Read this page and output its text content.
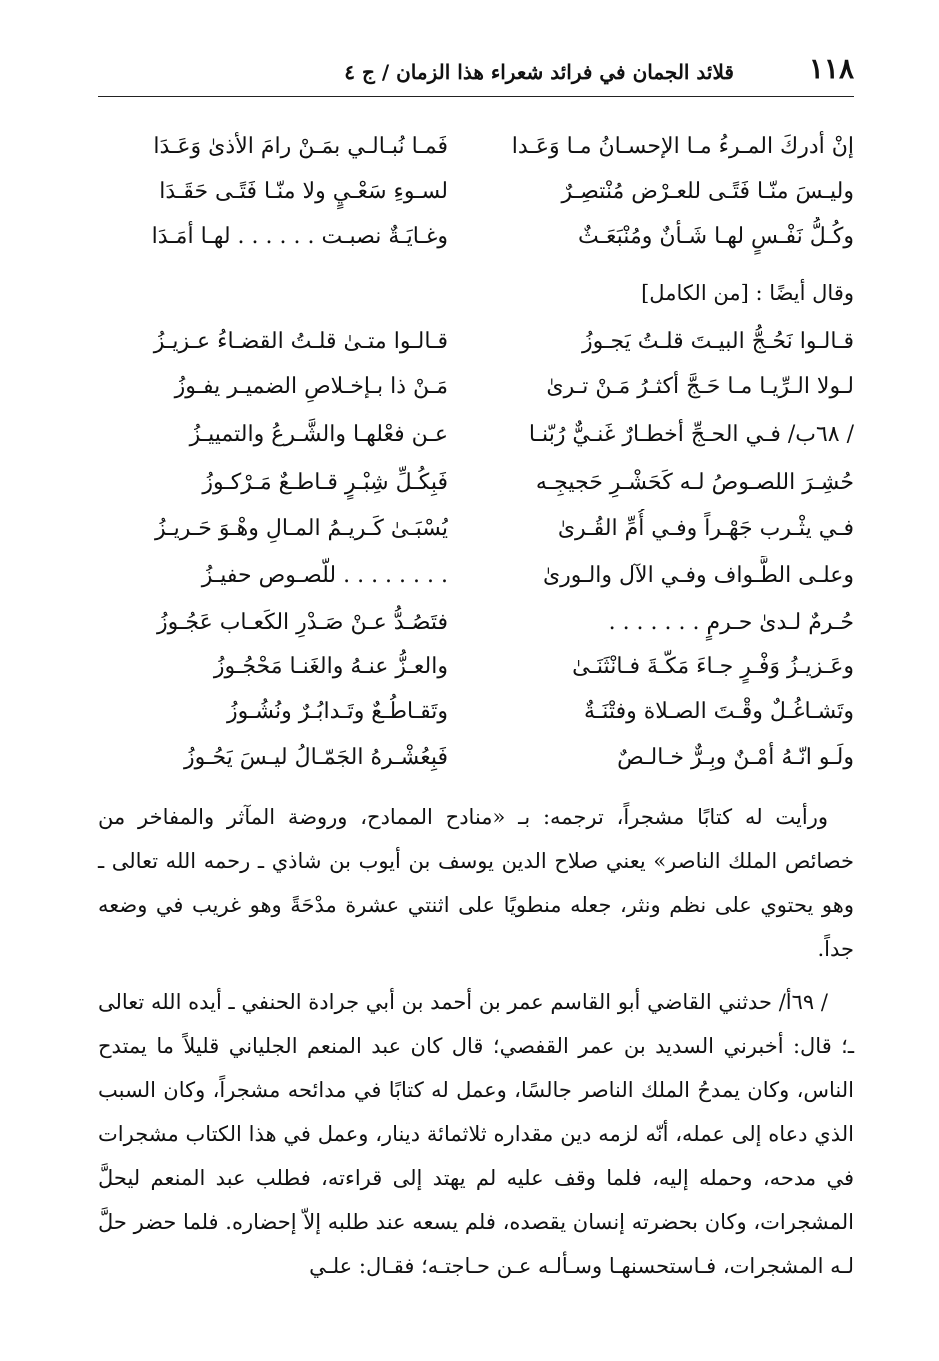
١١٨
قلائد الجمان في فرائد شعراء هذا الزمان / ج ٤
إنْ أدركَ المـرءُ مـا الإحسـانُ مـا وَعَـدا
فَمـا نُبـالـي بمَـنْ رامَ الأذىٰ وَعَـدَا
وليـسَ منّـا فَتًـى للعـرْض مُنْتصِـرٌ
لسـوءِ سَعْـيٍ ولا منّـا فَتًـى حَقَـدَا
وكُـلُّ نَفْـسٍ لهـا شَـأنٌ ومُنْبَعَـثٌ
وغـايَـةٌ نصبـت . . . . . . لهـا أمَـدَا
وقال أيضًا : [من الكامل]
قـالـوا نَحُـجُّ البيـتَ قلـتُ يَجـوزُ
قـالـوا متـىٰ قلـتُ القضـاءُ عـزيـزُ
لـولا الـرِّيـا مـا حَـجَّ أكثـرُ مَـنْ تـرىٰ
مَـنْ ذا بـإخـلاصِ الضميـر يفـوزُ
/ ٦٨ب/ فـي الحـجِّ أخطـارٌ غَنـيٌّ رُبّنـا
عـن فعْلهـا والشَّـرعُ والتمييـزُ
حُشِـرَ اللصـوصُ لـه كَحَشْـرِ حَجيجِـه
فَبِكُـلِّ شِبْـرٍ قـاطـعٌ مَـرْكـوزُ
فـي يثْـرب جَهْـراً وفـي أُمِّ القُـرىٰ
يُسْبَـىٰ كَـريـمُ المـالِ وهْـوَ حَـريـزُ
وعلـى الطَّـواف وفـي الآل والـورىٰ
. . . . . . . . للّصـوص حفيـزُ
حُـرمٌ لـدىٰ حـرمٍ . . . . . . .
فتَصُـدُّ عـنْ صَـدْرِ الكَعـاب عَجُـوزُ
وعَـزيـزُ وَفْـرٍ جـاءَ مَكّـةَ فـانْثَنَـىٰ
والعـزُّ عنـهُ والغَنـا مَحْجُـوزُ
وتَشـاغُـلٌ وقْـتَ الصـلاة وفتْنَـةٌ
وتَقـاطُـعٌ وتَـدابُـرٌ ونُشُـوزُ
ولَـو انّـهُ أمْـنٌ وبِـرٌّ خـالـصٌ
فَبِعُشْـرهُ الجَمّـالُ ليـسَ يَحُـوزُ
ورأيت له كتابًا مشجراً، ترجمه: بـ «منادح الممادح، وروضة المآثر والمفاخر من خصائص الملك الناصر» يعني صلاح الدين يوسف بن أيوب بن شاذي ـ رحمه الله تعالى ـ وهو يحتوي على نظم ونثر، جعله منطويًا على اثنتي عشرة مدْحَةً وهو غريب في وضعه جداً.
/ ٦٩أ/ حدثني القاضي أبو القاسم عمر بن أحمد بن أبي جرادة الحنفي ـ أيده الله تعالى ـ؛ قال: أخبرني السديد بن عمر القفصي؛ قال كان عبد المنعم الجلياني قليلاً ما يمتدح الناس، وكان يمدحُ الملك الناصر جالسًا، وعمل له كتابًا في مدائحه مشجراً، وكان السبب الذي دعاه إلى عمله، أنّه لزمه دين مقداره ثلاثمائة دينار، وعمل في هذا الكتاب مشجرات في مدحه، وحمله إليه، فلما وقف عليه لم يهتد إلى قراءته، فطلب عبد المنعم ليحلَّ المشجرات، وكان بحضرته إنسان يقصده، فلم يسعه عند طلبه إلاّ إحضاره. فلما حضر حلَّ لـه المشجرات، فـاستحسنهـا وسـألـه عـن حـاجتـه؛ فقـال: علـي
